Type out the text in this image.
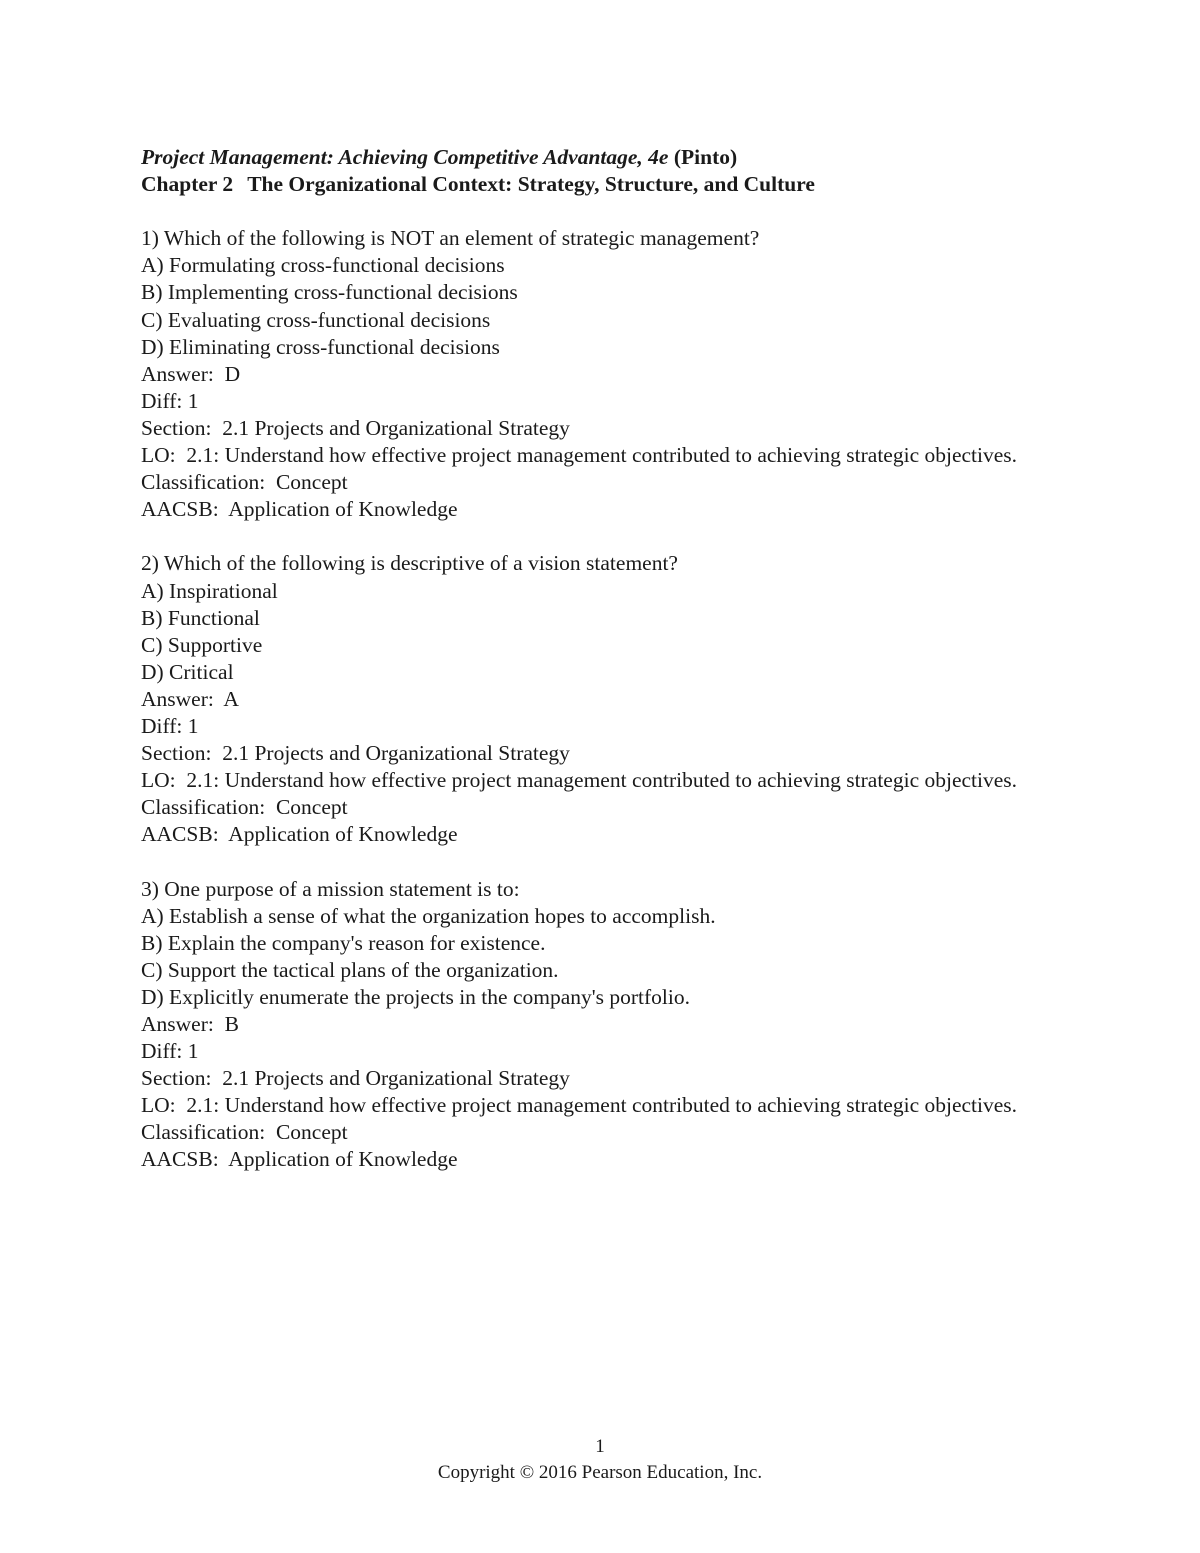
Project Management: Achieving Competitive Advantage, 4e (Pinto)
Chapter 2 The Organizational Context: Strategy, Structure, and Culture
1) Which of the following is NOT an element of strategic management?
A) Formulating cross-functional decisions
B) Implementing cross-functional decisions
C) Evaluating cross-functional decisions
D) Eliminating cross-functional decisions
Answer:  D
Diff: 1
Section:  2.1 Projects and Organizational Strategy
LO:  2.1: Understand how effective project management contributed to achieving strategic objectives.
Classification:  Concept
AACSB:  Application of Knowledge
2) Which of the following is descriptive of a vision statement?
A) Inspirational
B) Functional
C) Supportive
D) Critical
Answer:  A
Diff: 1
Section:  2.1 Projects and Organizational Strategy
LO:  2.1: Understand how effective project management contributed to achieving strategic objectives.
Classification:  Concept
AACSB:  Application of Knowledge
3) One purpose of a mission statement is to:
A) Establish a sense of what the organization hopes to accomplish.
B) Explain the company's reason for existence.
C) Support the tactical plans of the organization.
D) Explicitly enumerate the projects in the company's portfolio.
Answer:  B
Diff: 1
Section:  2.1 Projects and Organizational Strategy
LO:  2.1: Understand how effective project management contributed to achieving strategic objectives.
Classification:  Concept
AACSB:  Application of Knowledge
1
Copyright © 2016 Pearson Education, Inc.
